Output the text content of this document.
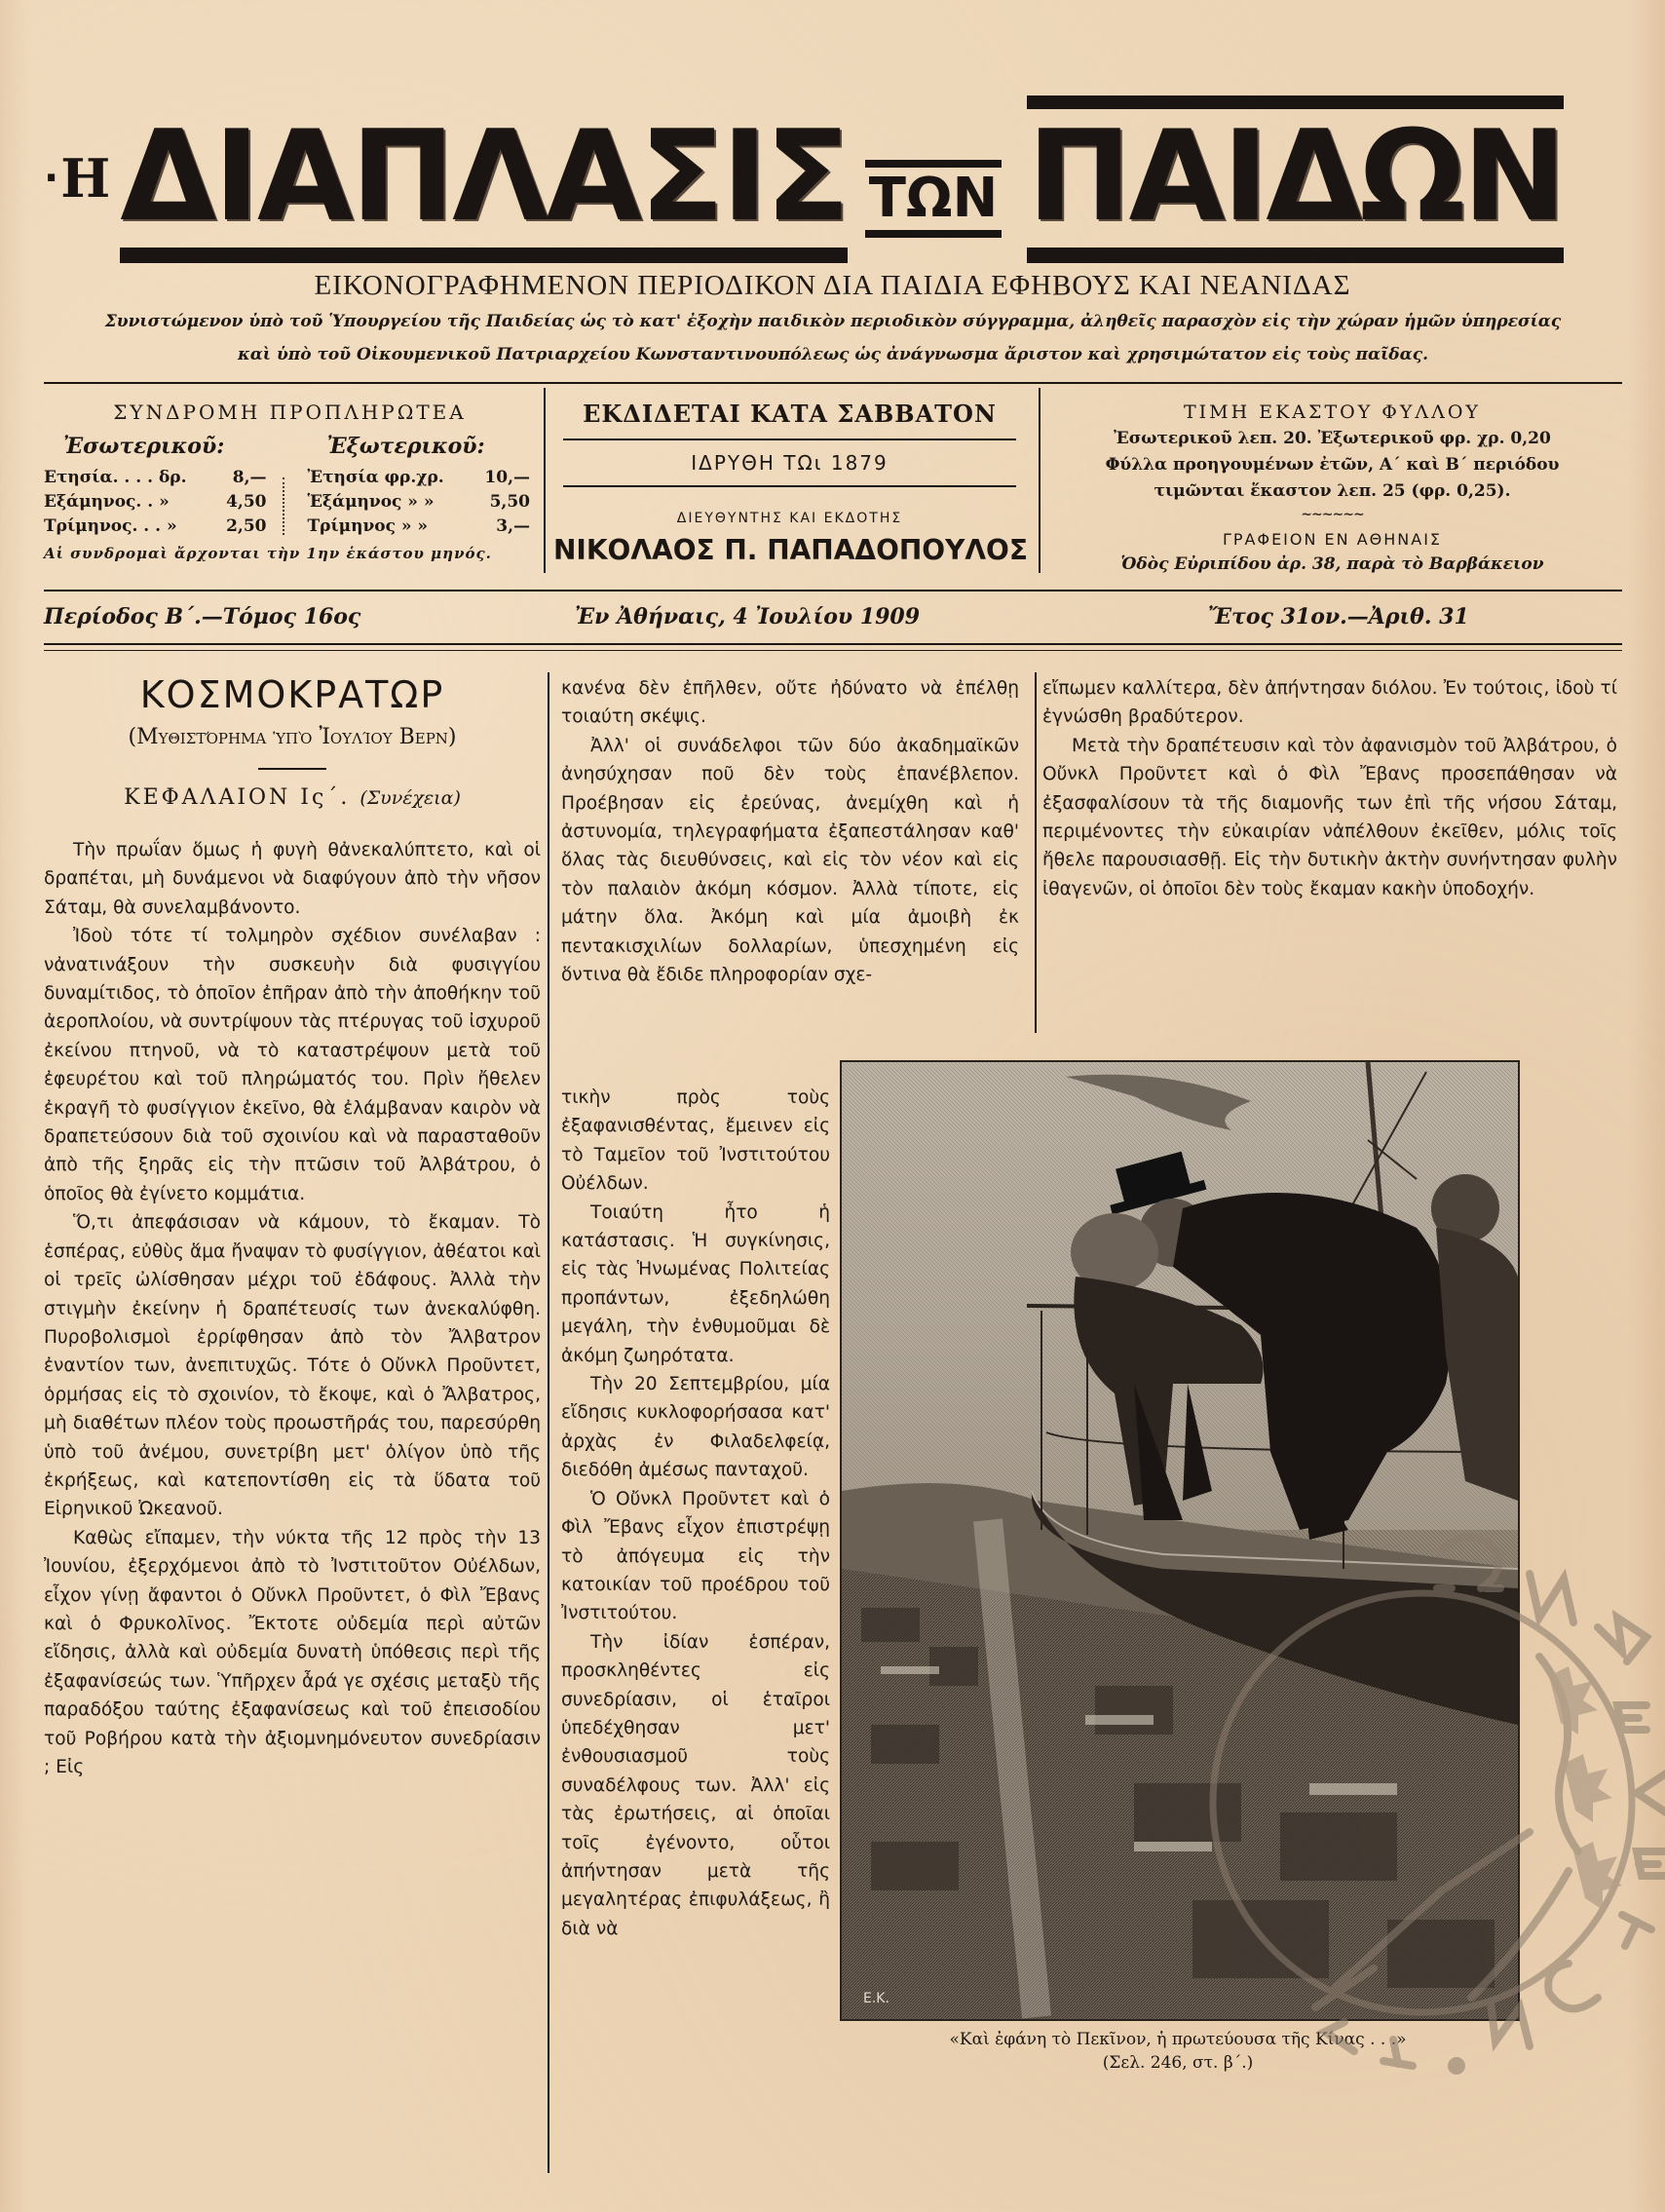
· Η ΔΙΑΠΛΑΣΙΣ ΤΩΝ ΠΑΙΔΩΝ
ΕΙΚΟΝΟΓΡΑΦΗΜΕΝΟΝ ΠΕΡΙΟΔΙΚΟΝ ΔΙΑ ΠΑΙΔΙΑ ΕΦΗΒΟΥΣ ΚΑΙ ΝΕΑΝΙΔΑΣ
Συνιστώμενον ὑπὸ τοῦ Ὑπουργείου τῆς Παιδείας ὡς τὸ κατ' ἐξοχὴν παιδικὸν περιοδικὸν σύγγραμμα, ἀληθεῖς παρασχὸν εἰς τὴν χώραν ἡμῶν ὑπηρεσίας
καὶ ὑπὸ τοῦ Οἰκουμενικοῦ Πατριαρχείου Κωνσταντινουπόλεως ὡς ἀνάγνωσμα ἄριστον καὶ χρησιμώτατον εἰς τοὺς παῖδας.
ΣΥΝΔΡΟΜΗ ΠΡΟΠΛΗΡΩΤΕΑ
Ἐσωτερικοῦ:
Ετησία. . . . δρ.	8,—
Εξάμηνος. . »	4,50
Τρίμηνος. . . »	2,50
Ἐξωτερικοῦ:
Ἐτησία φρ.χρ. 10,—
Ἑξάμηνος » »	5,50
Τρίμηνος » »	3,—
Αἱ συνδρομαὶ ἄρχονται τὴν 1ην ἑκάστου μηνός.
ΕΚΔΙΔΕΤΑΙ ΚΑΤΑ ΣΑΒΒΑΤΟΝ
ΙΔΡΥΘΗ ΤΩι 1879
ΔΙΕΥΘΥΝΤΗΣ ΚΑΙ ΕΚΔΟΤΗΣ
ΝΙΚΟΛΑΟΣ Π. ΠΑΠΑΔΟΠΟΥΛΟΣ
ΤΙΜΗ ΕΚΑΣΤΟΥ ΦΥΛΛΟΥ
Ἐσωτερικοῦ λεπ. 20. Ἐξωτερικοῦ φρ. χρ. 0,20
Φύλλα προηγουμένων ἐτῶν, Α΄ καὶ Β΄ περιόδου
τιμῶνται ἕκαστον λεπ. 25 (φρ. 0,25).
~~~~~~
ΓΡΑΦΕΙΟΝ ΕΝ ΑΘΗΝΑΙΣ
Ὁδὸς Εὐριπίδου ἀρ. 38, παρὰ τὸ Βαρβάκειον
Περίοδος Β΄.—Τόμος 16ος	Ἐν Ἀθήναις, 4 Ἰουλίου 1909	Ἔτος 31ον.—Ἀριθ. 31
ΚΟΣΜΟΚΡΑΤΩΡ
(Μυθιστόρημα ὑπὸ Ἰουλίου Βερν)
ΚΕΦΑΛΑΙΟΝ Ις΄. (Συνέχεια)

Τὴν πρωΐαν ὅμως ἡ φυγὴ θἀνεκαλύπτετο, καὶ οἱ δραπέται, μὴ δυνάμενοι νὰ διαφύγουν ἀπὸ τὴν νῆσον Σάταμ, θὰ συνελαμβάνοντο.

Ἰδοὺ τότε τί τολμηρὸν σχέδιον συνέλαβαν : νἀνατινάξουν τὴν συσκευὴν διὰ φυσιγγίου δυναμίτιδος, τὸ ὁποῖον ἐπῆραν ἀπὸ τὴν ἀποθήκην τοῦ ἀεροπλοίου, νὰ συντρίψουν τὰς πτέρυγας τοῦ ἰσχυροῦ ἐκείνου πτηνοῦ, νὰ τὸ καταστρέψουν μετὰ τοῦ ἐφευρέτου καὶ τοῦ πληρώματός του. Πρὶν ἤθελεν ἐκραγῆ τὸ φυσίγγιον ἐκεῖνο, θὰ ἐλάμβαναν καιρὸν νὰ δραπετεύσουν διὰ τοῦ σχοινίου καὶ νὰ παρασταθοῦν ἀπὸ τῆς ξηρᾶς εἰς τὴν πτῶσιν τοῦ Ἀλβάτρου, ὁ ὁποῖος θὰ ἐγίνετο κομμάτια.

Ὅ,τι ἀπεφάσισαν νὰ κάμουν, τὸ ἔκαμαν. Τὸ ἑσπέρας, εὐθὺς ἅμα ἤναψαν τὸ φυσίγγιον, ἀθέατοι καὶ οἱ τρεῖς ὠλίσθησαν μέχρι τοῦ ἐδάφους. Ἀλλὰ τὴν στιγμὴν ἐκείνην ἡ δραπέτευσίς των ἀνεκαλύφθη. Πυροβολισμοὶ ἐρρίφθησαν ἀπὸ τὸν Ἄλβατρον ἐναντίον των, ἀνεπιτυχῶς. Τότε ὁ Οὔνκλ Προῦντετ, ὁρμήσας εἰς τὸ σχοινίον, τὸ ἔκοψε, καὶ ὁ Ἄλβατρος, μὴ διαθέτων πλέον τοὺς προωστῆράς του, παρεσύρθη ὑπὸ τοῦ ἀνέμου, συνετρίβη μετ' ὀλίγον ὑπὸ τῆς ἐκρήξεως, καὶ κατεποντίσθη εἰς τὰ ὕδατα τοῦ Εἰρηνικοῦ Ὠκεανοῦ.

Καθὼς εἴπαμεν, τὴν νύκτα τῆς 12 πρὸς τὴν 13 Ἰουνίου, ἐξερχόμενοι ἀπὸ τὸ Ἰνστιτοῦτον Οὐέλδων, εἶχον γίνῃ ἄφαντοι ὁ Οὔνκλ Προῦντετ, ὁ Φὶλ Ἔβανς καὶ ὁ Φρυκολῖνος. Ἔκτοτε οὐδεμία περὶ αὐτῶν εἴδησις, ἀλλὰ καὶ οὐδεμία δυνατὴ ὑπόθεσις περὶ τῆς ἐξαφανίσεώς των. Ὑπῆρχεν ἆρά γε σχέσις μεταξὺ τῆς παραδόξου ταύτης ἐξαφανίσεως καὶ τοῦ ἐπεισοδίου τοῦ Ροβήρου κατὰ τὴν ἀξιομνημόνευτον συνεδρίασιν ; Εἰς

κανένα δὲν ἐπῆλθεν, οὔτε ἠδύνατο νὰ ἐπέλθῃ τοιαύτη σκέψις.

Ἀλλ' οἱ συνάδελφοι τῶν δύο ἀκαδημαϊκῶν ἀνησύχησαν ποῦ δὲν τοὺς ἐπανέβλεπον. Προέβησαν εἰς ἐρεύνας, ἀνεμίχθη καὶ ἡ ἀστυνομία, τηλεγραφήματα ἐξαπεστάλησαν καθ' ὅλας τὰς διευθύνσεις, καὶ εἰς τὸν νέον καὶ εἰς τὸν παλαιὸν ἀκόμη κόσμον. Ἀλλὰ τίποτε, εἰς μάτην ὅλα. Ἀκόμη καὶ μία ἀμοιβὴ ἐκ πεντακισχιλίων δολλαρίων, ὑπεσχημένη εἰς ὅντινα θὰ ἔδιδε πληροφορίαν σχε-

τικὴν πρὸς τοὺς ἐξαφανισθέντας, ἔμεινεν εἰς τὸ Ταμεῖον τοῦ Ἰνστιτούτου Οὐέλδων.

Τοιαύτη ἦτο ἡ κατάστασις. Ἡ συγκίνησις, εἰς τὰς Ἡνωμένας Πολιτείας προπάντων, ἐξεδηλώθη μεγάλη, τὴν ἐνθυμοῦμαι δὲ ἀκόμη ζωηρότατα.

Τὴν 20 Σεπτεμβρίου, μία εἴδησις κυκλοφορήσασα κατ' ἀρχὰς ἐν Φιλαδελφείᾳ, διεδόθη ἀμέσως πανταχοῦ.

Ὁ Οὔνκλ Προῦντετ καὶ ὁ Φὶλ Ἔβανς εἶχον ἐπιστρέψῃ τὸ ἀπόγευμα εἰς τὴν κατοικίαν τοῦ προέδρου τοῦ Ἰνστιτούτου.

Τὴν ἰδίαν ἑσπέραν, προσκληθέντες εἰς συνεδρίασιν, οἱ ἑταῖροι ὑπεδέχθησαν μετ' ἐνθουσιασμοῦ τοὺς συναδέλφους των. Ἀλλ' εἰς τὰς ἐρωτήσεις, αἱ ὁποῖαι τοῖς ἐγένοντο, οὗτοι ἀπήντησαν μετὰ τῆς μεγαλητέρας ἐπιφυλάξεως, ἢ διὰ νὰ

εἴπωμεν καλλίτερα, δὲν ἀπήντησαν διόλου. Ἐν τούτοις, ἰδοὺ τί ἐγνώσθη βραδύτερον.

Μετὰ τὴν δραπέτευσιν καὶ τὸν ἀφανισμὸν τοῦ Ἀλβάτρου, ὁ Οὔνκλ Προῦντετ καὶ ὁ Φὶλ Ἔβανς προσεπάθησαν νὰ ἐξασφαλίσουν τὰ τῆς διαμονῆς των ἐπὶ τῆς νήσου Σάταμ, περιμένοντες τὴν εὐκαιρίαν νἀπέλθουν ἐκεῖθεν, μόλις τοῖς ἤθελε παρουσιασθῇ. Εἰς τὴν δυτικὴν ἀκτὴν συνήντησαν φυλὴν ἰθαγενῶν, οἱ ὁποῖοι δὲν τοὺς ἔκαμαν κακὴν ὑποδοχήν.

E.K.
«Καὶ ἐφάνη τὸ Πεκῖνον, ἡ πρωτεύουσα τῆς Κίνας . . .»
(Σελ. 246, στ. β΄.)
